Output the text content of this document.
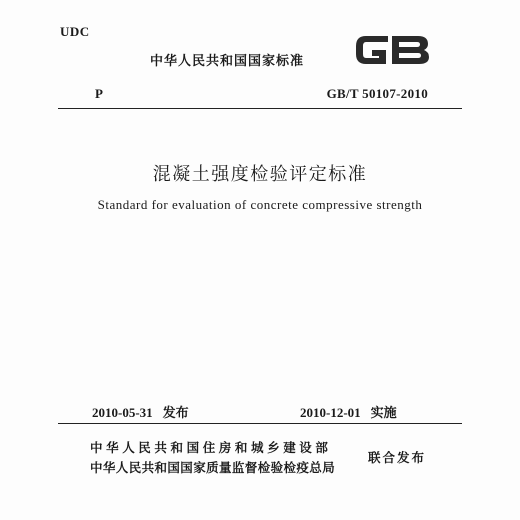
UDC
中华人民共和国国家标准
P	GB/T 50107-2010
混凝土强度检验评定标准
Standard for evaluation of concrete compressive strength
2010-05-31 发布	2010-12-01 实施
中华人民共和国住房和城乡建设部
中华人民共和国国家质量监督检验检疫总局
联合发布
